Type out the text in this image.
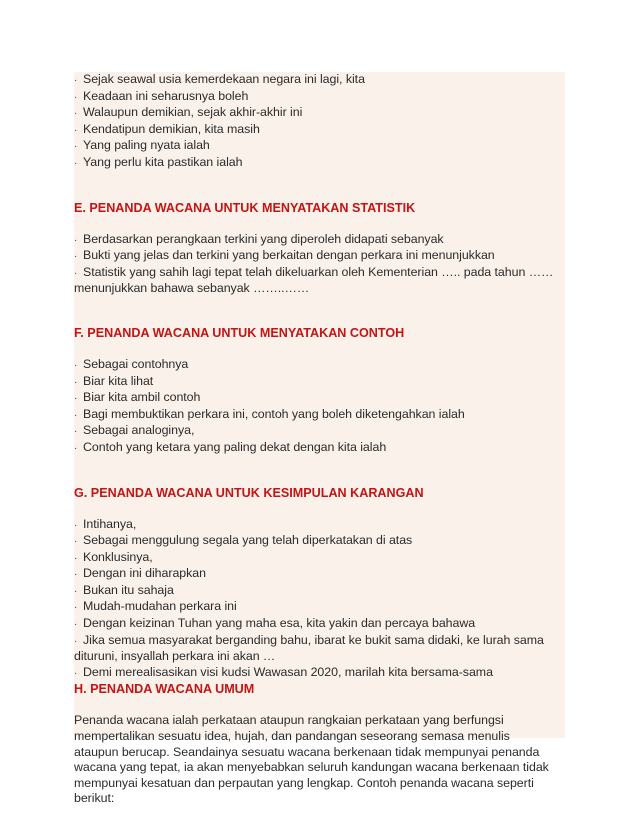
· Sejak seawal usia kemerdekaan negara ini lagi, kita
· Keadaan ini seharusnya boleh
· Walaupun demikian, sejak akhir-akhir ini
· Kendatipun demikian, kita masih
· Yang paling nyata ialah
· Yang perlu kita pastikan ialah
E. PENANDA WACANA UNTUK MENYATAKAN STATISTIK
· Berdasarkan perangkaan terkini yang diperoleh didapati sebanyak
· Bukti yang jelas dan terkini yang berkaitan dengan perkara ini menunjukkan
· Statistik yang sahih lagi tepat telah dikeluarkan oleh Kementerian ….. pada tahun ……
menunjukkan bahawa sebanyak ……..……
F. PENANDA WACANA UNTUK MENYATAKAN CONTOH
· Sebagai contohnya
· Biar kita lihat
· Biar kita ambil contoh
· Bagi membuktikan perkara ini, contoh yang boleh diketengahkan ialah
· Sebagai analoginya,
· Contoh yang ketara yang paling dekat dengan kita ialah
G. PENANDA WACANA UNTUK KESIMPULAN KARANGAN
· Intihanya,
· Sebagai menggulung segala yang telah diperkatakan di atas
· Konklusinya,
· Dengan ini diharapkan
· Bukan itu sahaja
· Mudah-mudahan perkara ini
· Dengan keizinan Tuhan yang maha esa, kita yakin dan percaya bahawa
· Jika semua masyarakat berganding bahu, ibarat ke bukit sama didaki, ke lurah sama
dituruni, insyallah perkara ini akan …
· Demi merealisasikan visi kudsi Wawasan 2020, marilah kita bersama-sama
H. PENANDA WACANA UMUM
Penanda wacana ialah perkataan ataupun rangkaian perkataan yang berfungsi
mempertalikan sesuatu idea, hujah, dan pandangan seseorang semasa menulis
ataupun berucap. Seandainya sesuatu wacana berkenaan tidak mempunyai penanda
wacana yang tepat, ia akan menyebabkan seluruh kandungan wacana berkenaan tidak
mempunyai kesatuan dan perpautan yang lengkap. Contoh penanda wacana seperti
berikut:
